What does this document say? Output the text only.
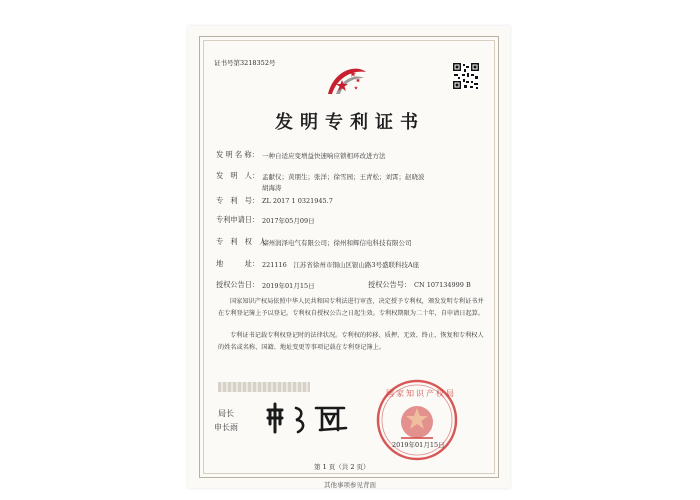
证书号第3218352号
发明专利证书
发 明 名 称： 一种自适应变增益快速响应锁相环改进方法
发　明　人： 孟献仪；黄朋生；张洋；徐雪园；王青松；刘霄；赵晓波
胡海涛
专　利　号： ZL 2017 1 0321945.7
专利申请日： 2017年05月09日
专　利　权　人：
徐州润泽电气有限公司；徐州和辉信电科技有限公司
地　　　址： 221116　江苏省徐州市铜山区银山路3号盛联科技A座
授权公告日： 2019年01月15日	授权公告号： CN 107134999 B
国家知识产权局依照中华人民共和国专利法进行审查，决定授予专利权，颁发发明专利证书并在专利登记簿上予以登记。专利权自授权公告之日起生效。专利权期限为二十年，自申请日起算。
专利证书记载专利权登记时的法律状况。专利权的转移、质押、无效、终止、恢复和专利权人的姓名或名称、国籍、地址变更等事项记载在专利登记簿上。
局长
申长雨
国家知识产权局
2019年01月15日
第 1 页（共 2 页）
其他事项参见背面
